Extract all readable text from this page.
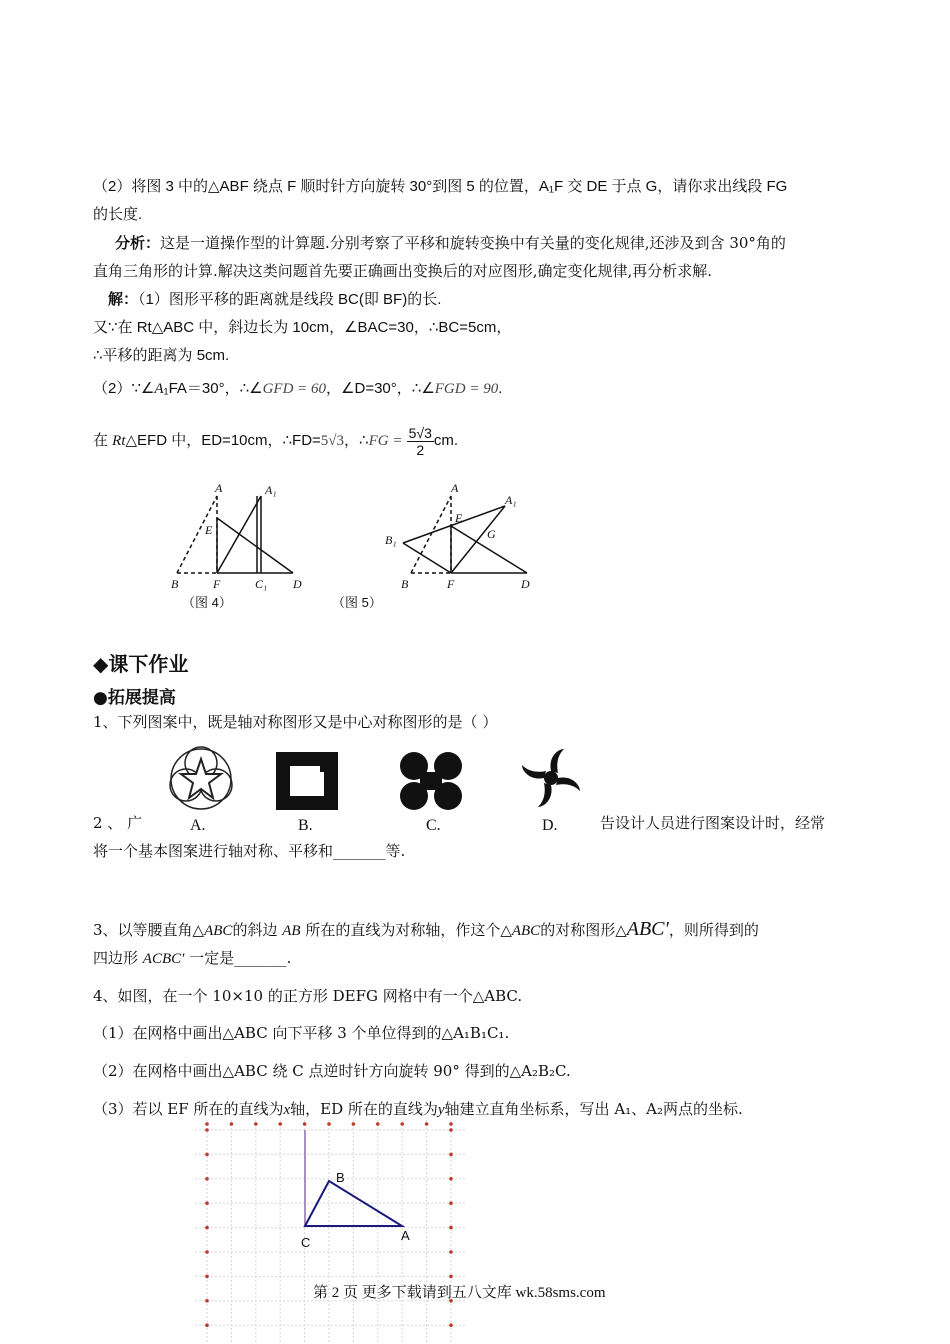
（2）将图 3 中的△ABF 绕点 F 顺时针方向旋转 30°到图 5 的位置，A₁F 交 DE 于点 G，请你求出线段 FG
的长度.
分析：这是一道操作型的计算题.分别考察了平移和旋转变换中有关量的变化规律,还涉及到含 30°角的
直角三角形的计算.解决这类问题首先要正确画出变换后的对应图形,确定变化规律,再分析求解.
解：（1）图形平移的距离就是线段 BC(即 BF)的长.
又∵在 Rt△ABC 中，斜边长为 10cm，∠BAC=30，∴BC=5cm，
∴平移的距离为 5cm.
（2）∵∠A₁FA＝30°，∴∠GFD = 60，∠D=30°，∴∠FGD = 90.
在 Rt△EFD 中，ED=10cm，∴FD=5√3，∴FG = $\frac{5√3}{2}$ cm.
A	A₁
E
B	F	C₁ D
（图 4）
A
A₁
E
G
B₁
B	F	D
（图 5）
◆课下作业
●拓展提高
1、下列图案中，既是轴对称图形又是中心对称图形的是（ ）
A.	B.	C.	D.
2 、 广	告设计人员进行图案设计时，经常
将一个基本图案进行轴对称、平移和_______等.
3、以等腰直角△ABC的斜边 AB 所在的直线为对称轴，作这个△ABC的对称图形△ABC′，则所得到的
四边形 ACBC′ 一定是_______.
4、如图，在一个 10×10 的正方形 DEFG 网格中有一个△ABC.
（1）在网格中画出△ABC 向下平移 3 个单位得到的△A₁B₁C₁.
（2）在网格中画出△ABC 绕 C 点逆时针方向旋转 90° 得到的△A₂B₂C.
（3）若以 EF 所在的直线为x轴，ED 所在的直线为y轴建立直角坐标系，写出 A₁、A₂两点的坐标.
B
A
C
第 2 页 更多下载请到五八文库 wk.58sms.com
